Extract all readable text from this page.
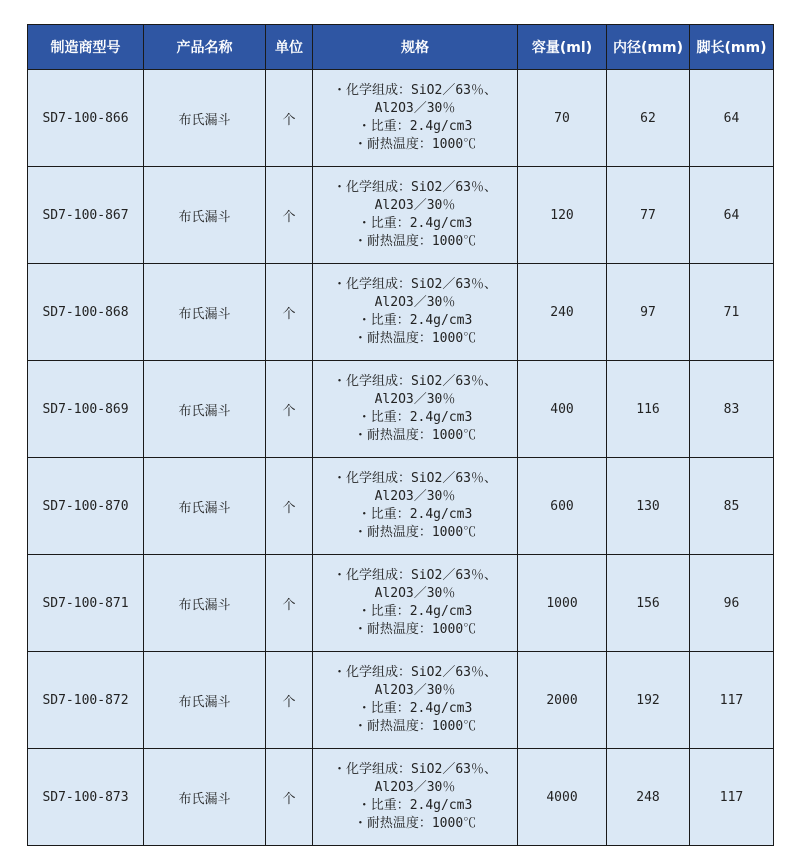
制造商型号	产品名称	单位	规格	容量(ml)	内径(mm)	脚长(mm)
SD7-100-866	布氏漏斗	个	・化学组成：SiO2／63％、
Al2O3／30％
・比重：2.4g/cm3
・耐热温度：1000℃	70	62	64
SD7-100-867	布氏漏斗	个	・化学组成：SiO2／63％、
Al2O3／30％
・比重：2.4g/cm3
・耐热温度：1000℃	120	77	64
SD7-100-868	布氏漏斗	个	・化学组成：SiO2／63％、
Al2O3／30％
・比重：2.4g/cm3
・耐热温度：1000℃	240	97	71
SD7-100-869	布氏漏斗	个	・化学组成：SiO2／63％、
Al2O3／30％
・比重：2.4g/cm3
・耐热温度：1000℃	400	116	83
SD7-100-870	布氏漏斗	个	・化学组成：SiO2／63％、
Al2O3／30％
・比重：2.4g/cm3
・耐热温度：1000℃	600	130	85
SD7-100-871	布氏漏斗	个	・化学组成：SiO2／63％、
Al2O3／30％
・比重：2.4g/cm3
・耐热温度：1000℃	1000	156	96
SD7-100-872	布氏漏斗	个	・化学组成：SiO2／63％、
Al2O3／30％
・比重：2.4g/cm3
・耐热温度：1000℃	2000	192	117
SD7-100-873	布氏漏斗	个	・化学组成：SiO2／63％、
Al2O3／30％
・比重：2.4g/cm3
・耐热温度：1000℃	4000	248	117
